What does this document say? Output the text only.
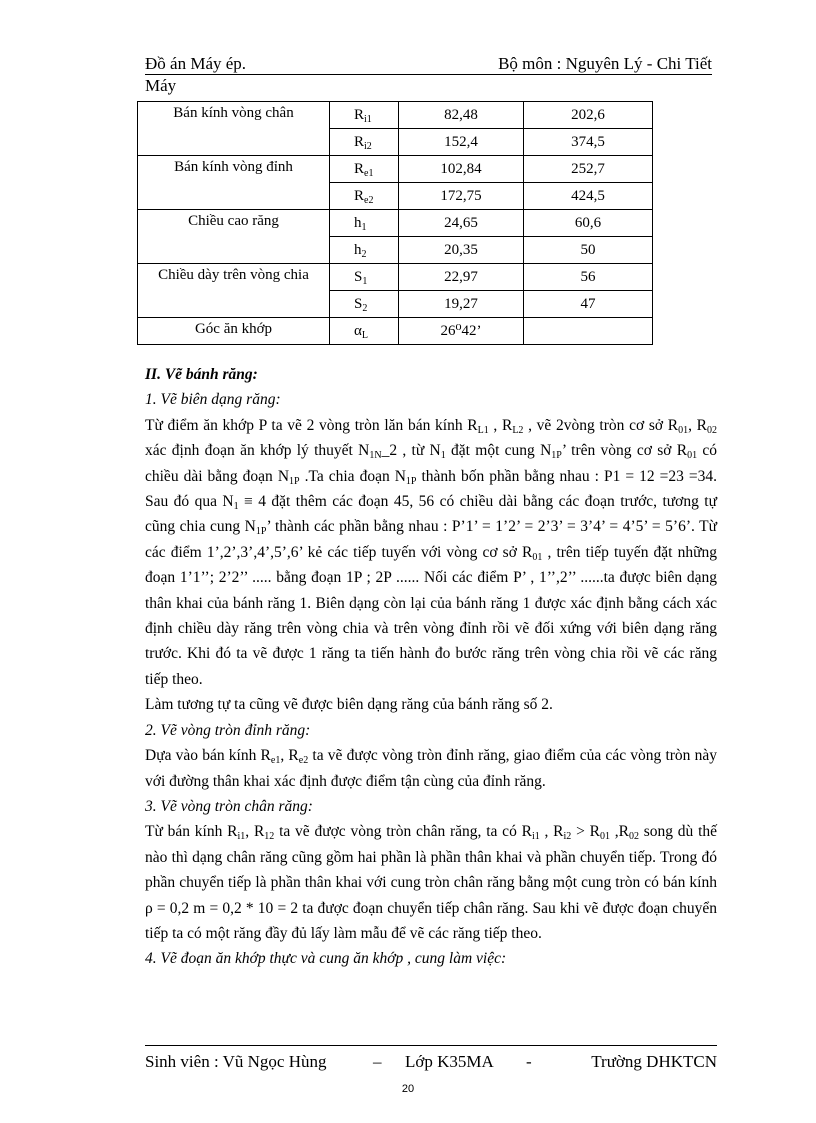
Đồ án Máy ép.	Bộ môn : Nguyên Lý - Chi Tiết
Máy
Bán kính vòng chân	$R_{i1}$	82,48	202,6

	$R_{i2}$	152,4	374,5

Bán kính vòng đỉnh	$R_{e1}$	102,84	252,7

	$R_{e2}$	172,75	424,5

Chiều cao răng	$h_1$	24,65	60,6

	$h_2$	20,35	50

Chiều dày trên vòng chia	$S_1$	22,97	56

	$S_2$	19,27	47

Góc ăn khớp	$\alpha_L$	26⁰42’	

II. Vẽ bánh răng:

1. Vẽ biên dạng răng:

Từ điểm ăn khớp P ta vẽ 2 vòng tròn lăn bán kính $R_{L1}$ , $R_{L2}$ , vẽ 2vòng tròn cơ sở $R_{01}$, $R_{02}$ xác định đoạn ăn khớp lý thuyết $N_{1N}\_2$ , từ $N_1$ đặt một cung $N_{1P}$’ trên vòng cơ sở $R_{01}$ có chiều dài bằng đoạn $N_{1P}$ .Ta chia đoạn $N_{1P}$ thành bốn phần bằng nhau : P1 = 12 =23 =34. Sau đó qua $N_1 \equiv 4$ đặt thêm các đoạn 45, 56 có chiều dài bằng các đoạn trước, tương tự cũng chia cung $N_{1P}$’ thành các phần bằng nhau : P’1’ = 1’2’ = 2’3’ = 3’4’ = 4’5’ = 5’6’. Từ các điểm 1’,2’,3’,4’,5’,6’ kẻ các tiếp tuyến với vòng cơ sở $R_{01}$ , trên tiếp tuyến đặt những đoạn 1’1’’; 2’2’’ ..... bằng đoạn 1P ; 2P ...... Nối các điểm P’ , 1’’,2’’ ......ta được biên dạng thân khai của bánh răng 1. Biên dạng còn lại của bánh răng 1 được xác định bằng cách xác định chiều dày răng trên vòng chia và trên vòng đỉnh rồi vẽ đối xứng với biên dạng răng trước. Khi đó ta vẽ được 1 răng ta tiến hành đo bước răng trên vòng chia rồi vẽ các răng tiếp theo.

Làm tương tự ta cũng vẽ được biên dạng răng của bánh răng số 2.

2. Vẽ vòng tròn đỉnh răng:

Dựa vào bán kính $R_{e1}$, $R_{e2}$ ta vẽ được vòng tròn đỉnh răng, giao điểm của các vòng tròn này với đường thân khai xác định được điểm tận cùng của đỉnh răng.

3. Vẽ vòng tròn chân răng:

Từ bán kính $R_{i1}$, $R_{12}$ ta vẽ được vòng tròn chân răng, ta có $R_{i1}$ , $R_{i2} > R_{01}$ $,R_{02}$ song dù thế nào thì dạng chân răng cũng gồm hai phần là phần thân khai và phần chuyển tiếp. Trong đó phần chuyển tiếp là phần thân khai với cung tròn chân răng bằng một cung tròn có bán kính ρ = 0,2 m = 0,2 * 10 = 2 ta được đoạn chuyển tiếp chân răng. Sau khi vẽ được đoạn chuyển tiếp ta có một răng đầy đủ lấy làm mẫu để vẽ các răng tiếp theo.

4. Vẽ đoạn ăn khớp thực và cung ăn khớp , cung làm việc:

Sinh viên : Vũ Ngọc Hùng	– Lớp K35MA -	Trường DHKTCN
20
